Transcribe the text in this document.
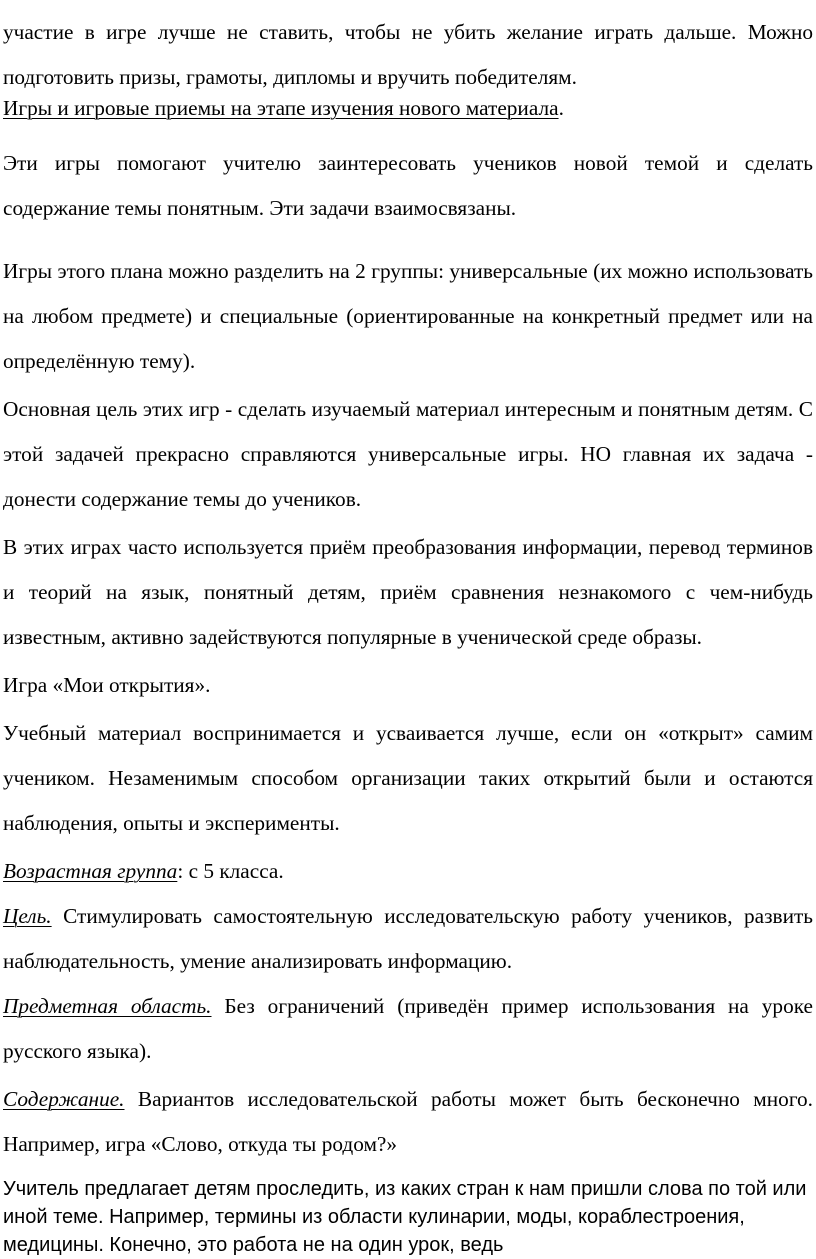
участие в игре лучше не ставить, чтобы не убить желание играть дальше. Можно подготовить призы, грамоты, дипломы и вручить победителям.

Игры и игровые приемы на этапе изучения нового материала.

Эти игры помогают учителю заинтересовать учеников новой темой и сделать содержание темы понятным. Эти задачи взаимосвязаны.

Игры этого плана можно разделить на 2 группы: универсальные (их можно использовать на любом предмете) и специальные (ориентированные на конкретный предмет или на определённую тему).

Основная цель этих игр - сделать изучаемый материал интересным и понятным детям. С этой задачей прекрасно справляются универсальные игры. НО главная их задача - донести содержание темы до учеников.

В этих играх часто используется приём преобразования информации, перевод терминов и теорий на язык, понятный детям, приём сравнения незнакомого с чем-нибудь известным, активно задействуются популярные в ученической среде образы.

Игра «Мои открытия».

Учебный материал воспринимается и усваивается лучше, если он «открыт» самим учеником. Незаменимым способом организации таких открытий были и остаются наблюдения, опыты и эксперименты.

Возрастная группа: с 5 класса.

Цель. Стимулировать самостоятельную исследовательскую работу учеников, развить наблюдательность, умение анализировать информацию.

Предметная область. Без ограничений (приведён пример использования на уроке русского языка).

Содержание. Вариантов исследовательской работы может быть бесконечно много. Например, игра «Слово, откуда ты родом?»

Учитель предлагает детям проследить, из каких стран к нам пришли слова по той или иной теме. Например, термины из области кулинарии, моды, кораблестроения, медицины. Конечно, это работа не на один урок, ведь
